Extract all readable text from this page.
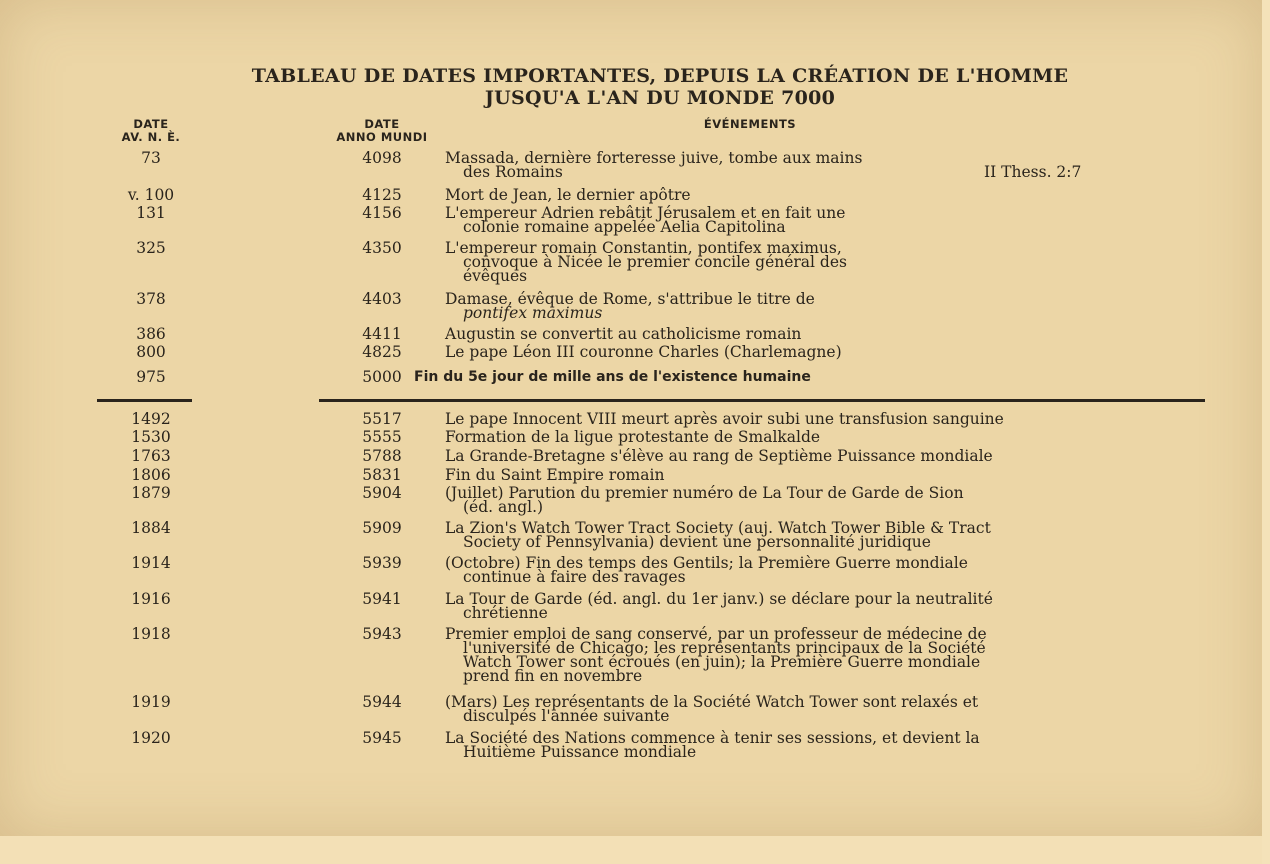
TABLEAU DE DATES IMPORTANTES, DEPUIS LA CRÉATION DE L'HOMME
JUSQU'A L'AN DU MONDE 7000
DATE
AV. N. È.
DATE
ANNO MUNDI
ÉVÉNEMENTS
73	4098	Massada, dernière forteresse juive, tombe aux mains
des Romains	II Thess. 2:7
v. 100	4125	Mort de Jean, le dernier apôtre
131	4156	L'empereur Adrien rebâtit Jérusalem et en fait une
colonie romaine appelée Aelia Capitolina
325	4350	L'empereur romain Constantin, pontifex maximus,
convoque à Nicée le premier concile général des
évêques
378	4403	Damase, évêque de Rome, s'attribue le titre de
pontifex maximus
386	4411	Augustin se convertit au catholicisme romain
800	4825	Le pape Léon III couronne Charles (Charlemagne)
975	5000 Fin du 5e jour de mille ans de l'existence humaine
1492	5517	Le pape Innocent VIII meurt après avoir subi une transfusion sanguine
1530	5555	Formation de la ligue protestante de Smalkalde
1763	5788	La Grande-Bretagne s'élève au rang de Septième Puissance mondiale
1806	5831	Fin du Saint Empire romain
1879	5904	(Juillet) Parution du premier numéro de La Tour de Garde de Sion
(éd. angl.)
1884	5909	La Zion's Watch Tower Tract Society (auj. Watch Tower Bible & Tract
Society of Pennsylvania) devient une personnalité juridique
1914	5939	(Octobre) Fin des temps des Gentils; la Première Guerre mondiale
continue à faire des ravages
1916	5941	La Tour de Garde (éd. angl. du 1er janv.) se déclare pour la neutralité
chrétienne
1918	5943	Premier emploi de sang conservé, par un professeur de médecine de
l'université de Chicago; les représentants principaux de la Société
Watch Tower sont écroués (en juin); la Première Guerre mondiale
prend fin en novembre
1919	5944	(Mars) Les représentants de la Société Watch Tower sont relaxés et
disculpés l'année suivante
1920	5945	La Société des Nations commence à tenir ses sessions, et devient la
Huitième Puissance mondiale
